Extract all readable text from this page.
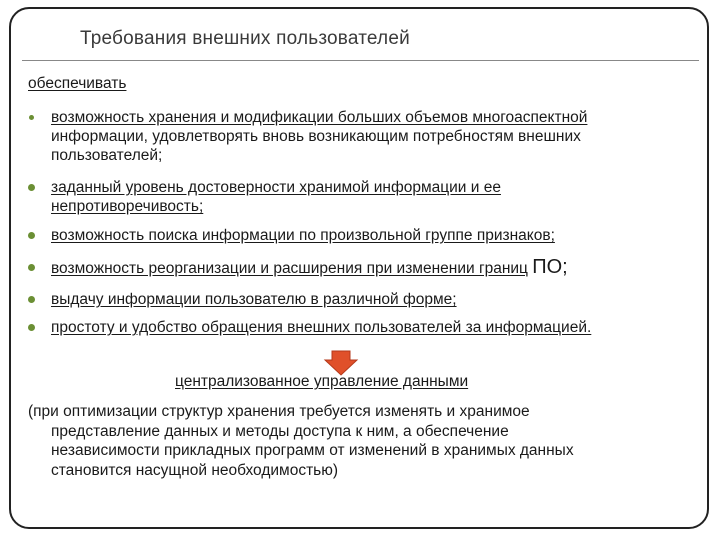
Требования внешних пользователей
обеспечивать
возможность хранения и модификации больших объемов многоаспектной
информации, удовлетворять вновь возникающим потребностям внешних
пользователей;
заданный уровень достоверности хранимой информации и ее
непротиворечивость;
возможность поиска информации по произвольной группе признаков;
возможность реорганизации и расширения при изменении границ ПО;
выдачу информации пользователю в различной форме;
простоту и удобство обращения внешних пользователей за информацией.
централизованное управление данными
(при оптимизации структур хранения требуется изменять и хранимое
представление данных и методы доступа к ним, а обеспечение
независимости прикладных программ от изменений в хранимых данных
становится насущной необходимостью)
